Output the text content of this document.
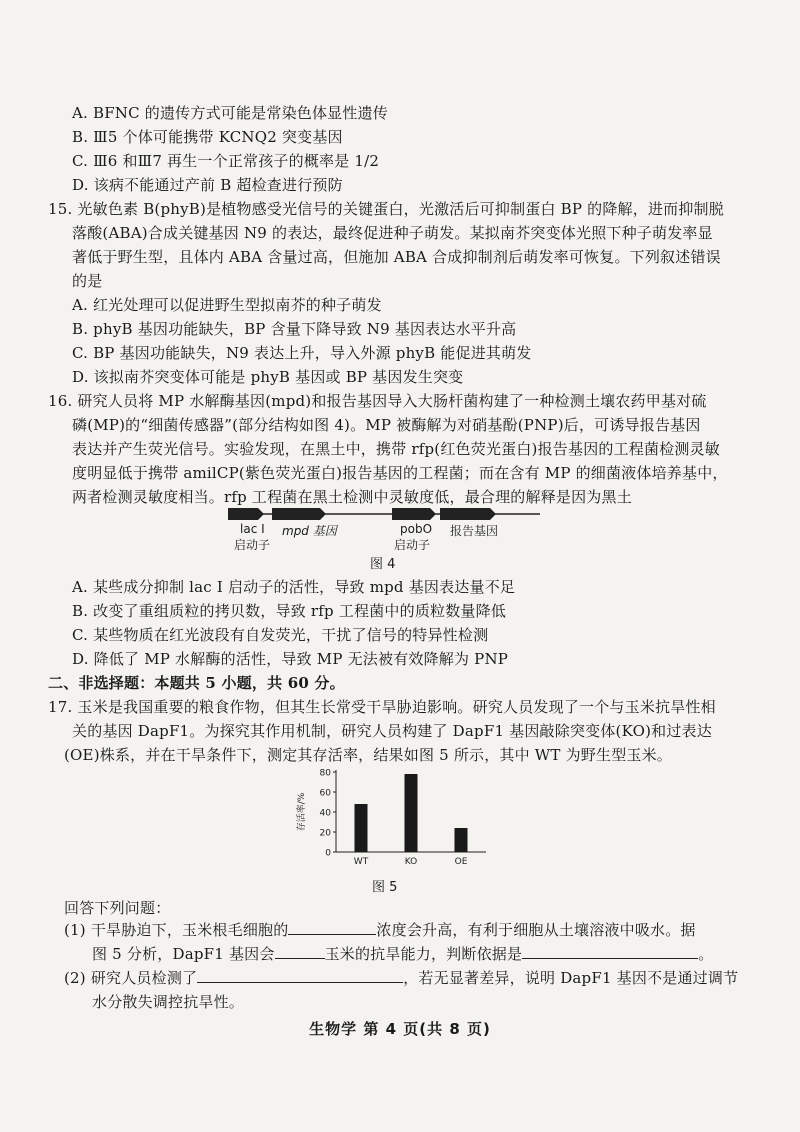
A. BFNC 的遗传方式可能是常染色体显性遗传
B. Ⅲ5 个体可能携带 KCNQ2 突变基因
C. Ⅲ6 和Ⅲ7 再生一个正常孩子的概率是 1/2
D. 该病不能通过产前 B 超检查进行预防
15. 光敏色素 B(phyB)是植物感受光信号的关键蛋白，光激活后可抑制蛋白 BP 的降解，进而抑制脱
落酸(ABA)合成关键基因 N9 的表达，最终促进种子萌发。某拟南芥突变体光照下种子萌发率显
著低于野生型，且体内 ABA 含量过高，但施加 ABA 合成抑制剂后萌发率可恢复。下列叙述错误
的是
A. 红光处理可以促进野生型拟南芥的种子萌发
B. phyB 基因功能缺失，BP 含量下降导致 N9 基因表达水平升高
C. BP 基因功能缺失，N9 表达上升，导入外源 phyB 能促进其萌发
D. 该拟南芥突变体可能是 phyB 基因或 BP 基因发生突变
16. 研究人员将 MP 水解酶基因(mpd)和报告基因导入大肠杆菌构建了一种检测土壤农药甲基对硫
磷(MP)的“细菌传感器”(部分结构如图 4)。MP 被酶解为对硝基酚(PNP)后，可诱导报告基因
表达并产生荧光信号。实验发现，在黑土中，携带 rfp(红色荧光蛋白)报告基因的工程菌检测灵敏
度明显低于携带 amilCP(紫色荧光蛋白)报告基因的工程菌；而在含有 MP 的细菌液体培养基中，
两者检测灵敏度相当。rfp 工程菌在黑土检测中灵敏度低，最合理的解释是因为黑土
lac Ⅰ
启动子
mpd 基因	pobO
启动子
报告基因
图 4
A. 某些成分抑制 lac Ⅰ 启动子的活性，导致 mpd 基因表达量不足
B. 改变了重组质粒的拷贝数，导致 rfp 工程菌中的质粒数量降低
C. 某些物质在红光波段有自发荧光，干扰了信号的特异性检测
D. 降低了 MP 水解酶的活性，导致 MP 无法被有效降解为 PNP
二、非选择题：本题共 5 小题，共 60 分。
17. 玉米是我国重要的粮食作物，但其生长常受干旱胁迫影响。研究人员发现了一个与玉米抗旱性相
关的基因 DapF1。为探究其作用机制，研究人员构建了 DapF1 基因敲除突变体(KO)和过表达
(OE)株系，并在干旱条件下，测定其存活率，结果如图 5 所示，其中 WT 为野生型玉米。
0
20
40
60
80
存活率/%
WT	KO	OE
图 5
回答下列问题：
(1) 干旱胁迫下，玉米根毛细胞的	浓度会升高，有利于细胞从土壤溶液中吸水。据
图 5 分析，DapF1 基因会	玉米的抗旱能力，判断依据是	。
(2) 研究人员检测了	，若无显著差异，说明 DapF1 基因不是通过调节
水分散失调控抗旱性。
生物学 第 4 页(共 8 页)
